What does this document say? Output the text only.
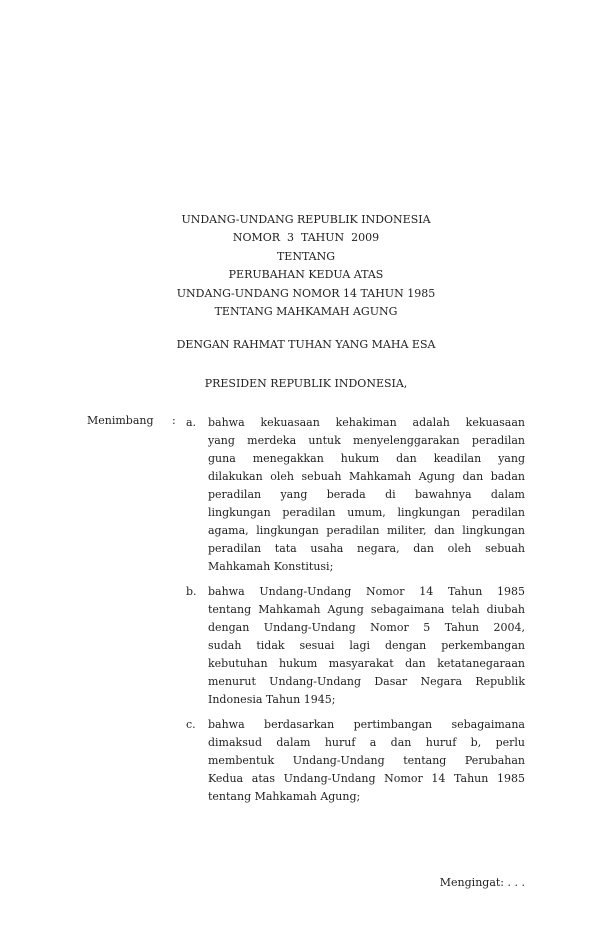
UNDANG-UNDANG REPUBLIK INDONESIA
NOMOR  3  TAHUN  2009
TENTANG
PERUBAHAN KEDUA ATAS
UNDANG-UNDANG NOMOR 14 TAHUN 1985
TENTANG MAHKAMAH AGUNG
DENGAN RAHMAT TUHAN YANG MAHA ESA
PRESIDEN REPUBLIK INDONESIA,
Menimbang : a. bahwa kekuasaan kehakiman adalah kekuasaan
yang merdeka untuk menyelenggarakan peradilan
guna menegakkan hukum dan keadilan yang
dilakukan oleh sebuah Mahkamah Agung dan badan
peradilan yang berada di bawahnya dalam
lingkungan peradilan umum, lingkungan peradilan
agama, lingkungan peradilan militer, dan lingkungan
peradilan tata usaha negara, dan oleh sebuah
Mahkamah Konstitusi;
b. bahwa Undang-Undang Nomor 14 Tahun 1985
tentang Mahkamah Agung sebagaimana telah diubah
dengan Undang-Undang Nomor 5 Tahun 2004,
sudah tidak sesuai lagi dengan perkembangan
kebutuhan hukum masyarakat dan ketatanegaraan
menurut Undang-Undang Dasar Negara Republik
Indonesia Tahun 1945;
c. bahwa berdasarkan pertimbangan sebagaimana
dimaksud dalam huruf a dan huruf b, perlu
membentuk Undang-Undang tentang Perubahan
Kedua atas Undang-Undang Nomor 14 Tahun 1985
tentang Mahkamah Agung;
Mengingat: . . .
